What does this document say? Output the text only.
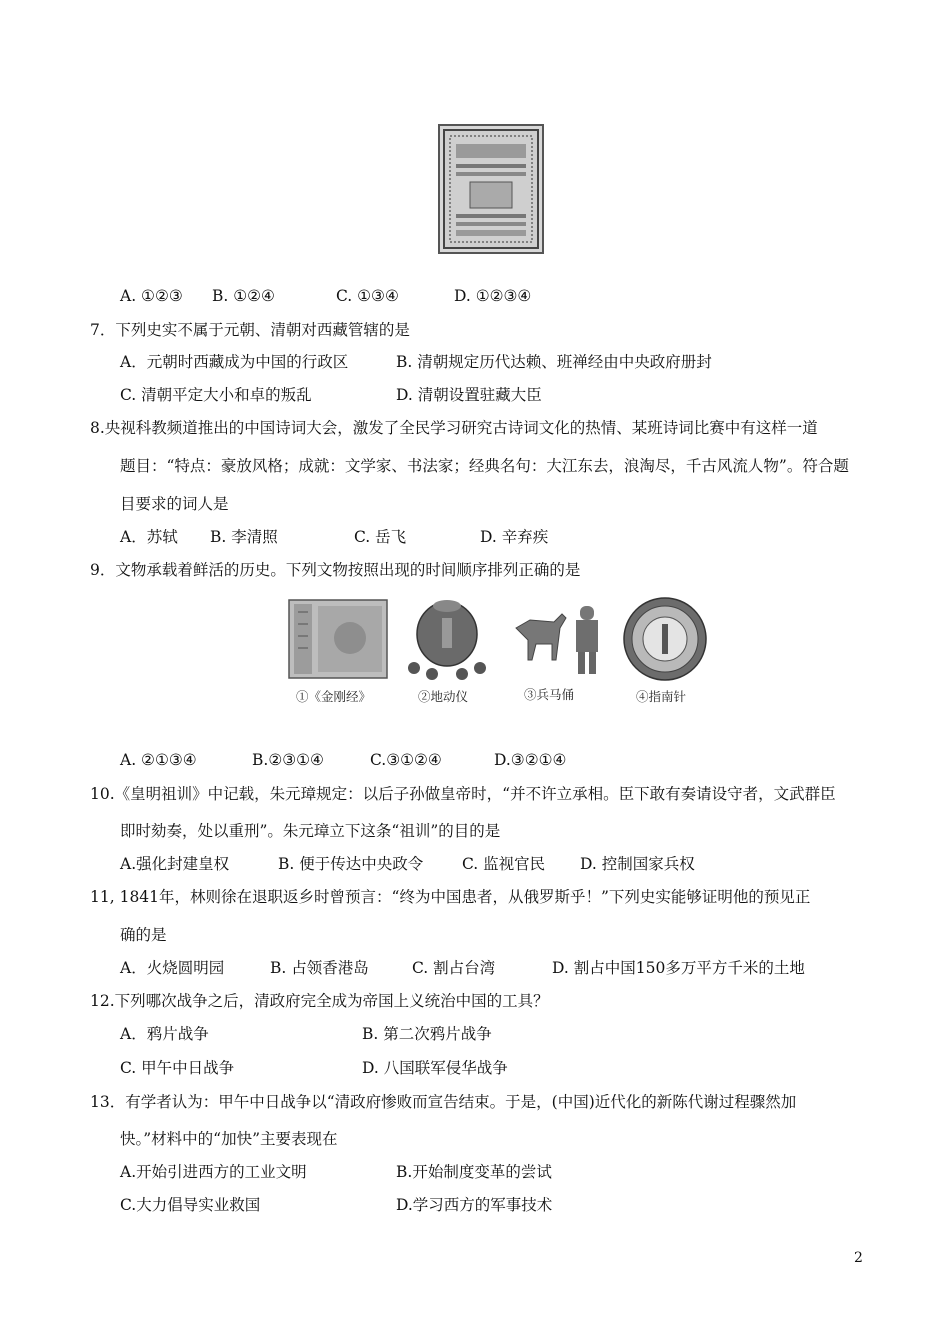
A. ①②③ B. ①②④	C. ①③④	D. ①②③④
7．下列史实不属于元朝、清朝对西藏管辖的是
A．元朝时西藏成为中国的行政区	B. 清朝规定历代达赖、班禅经由中央政府册封
C. 清朝平定大小和卓的叛乱	D. 清朝设置驻藏大臣
8.央视科教频道推出的中国诗词大会，激发了全民学习研究古诗词文化的热情、某班诗词比赛中有这样一道
题目：“特点：豪放风格；成就：文学家、书法家；经典名句：大江东去，浪淘尽，千古风流人物”。符合题
目要求的词人是
A．苏轼 B. 李清照	C. 岳飞	D. 辛弃疾
9．文物承载着鲜活的历史。下列文物按照出现的时间顺序排列正确的是
①《金刚经》	②地动仪	③兵马俑	④指南针
A. ②①③④	B.②③①④	C.③①②④	D.③②①④
10.《皇明祖训》中记载，朱元璋规定：以后子孙做皇帝时，“并不许立承相。臣下敢有奏请设守者，文武群臣
即时劾奏，处以重刑”。朱元璋立下这条“祖训”的目的是
A.强化封建皇权	B. 便于传达中央政令	C. 监视官民 D. 控制国家兵权
11, 1841年，林则徐在退职返乡时曾预言：“终为中国患者，从俄罗斯乎！”下列史实能够证明他的预见正
确的是
A．火烧圆明园	B. 占领香港岛	C. 割占台湾	D. 割占中国150多万平方千米的土地
12.下列哪次战争之后，清政府完全成为帝国上义统治中国的工具？
A．鸦片战争	B. 第二次鸦片战争
C. 甲午中日战争	D. 八国联军侵华战争
13．有学者认为：甲午中日战争以“清政府惨败而宣告结束。于是，(中国)近代化的新陈代谢过程骤然加
快。”材料中的“加快”主要表现在
A.开始引进西方的工业文明	B.开始制度变革的尝试
C.大力倡导实业救国	D.学习西方的军事技术
2
